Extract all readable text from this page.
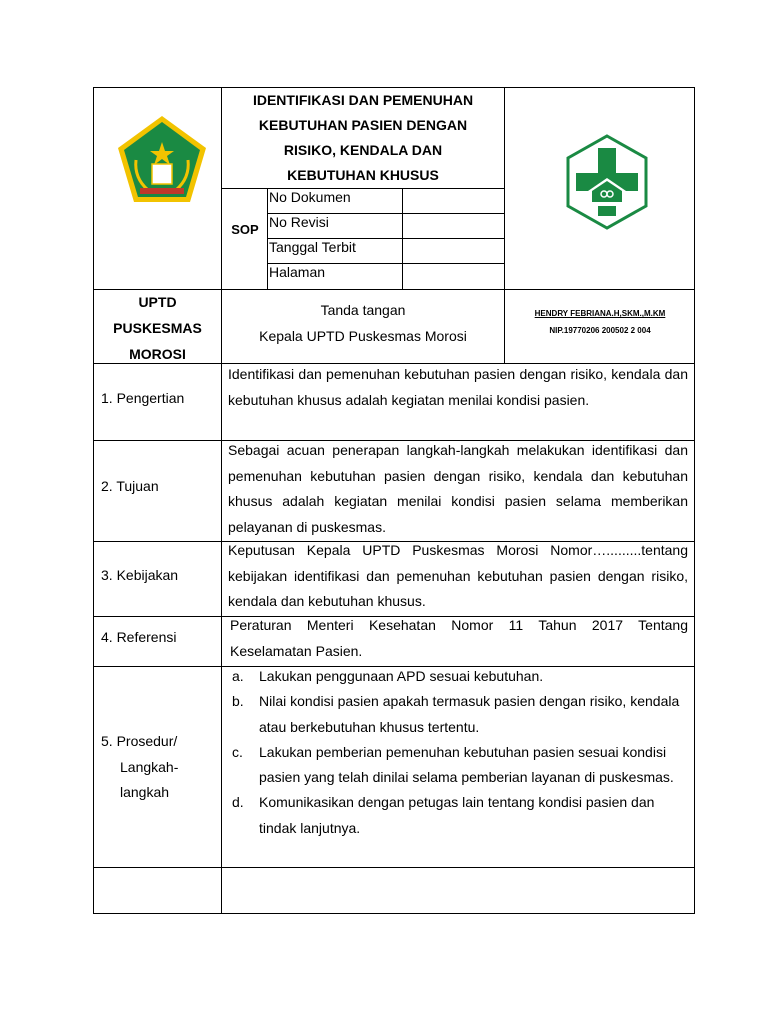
IDENTIFIKASI DAN PEMENUHAN
KEBUTUHAN PASIEN DENGAN
RISIKO, KENDALA DAN
KEBUTUHAN KHUSUS
SOP
No Dokumen
No Revisi
Tanggal Terbit
Halaman
UPTD
PUSKESMAS
MOROSI
Tanda tangan
Kepala UPTD Puskesmas Morosi
HENDRY FEBRIANA.H,SKM.,M.KM
NIP.19770206 200502 2 004
1. Pengertian
Identifikasi dan pemenuhan kebutuhan pasien dengan risiko, kendala dan kebutuhan khusus adalah kegiatan menilai kondisi pasien.
2. Tujuan
Sebagai acuan penerapan langkah-langkah melakukan identifikasi dan pemenuhan kebutuhan pasien dengan risiko, kendala dan kebutuhan khusus adalah kegiatan menilai kondisi pasien selama memberikan pelayanan di puskesmas.
3. Kebijakan
Keputusan Kepala UPTD Puskesmas Morosi Nomor….........tentang kebijakan identifikasi dan pemenuhan kebutuhan pasien dengan risiko, kendala dan kebutuhan khusus.
4. Referensi
Peraturan Menteri Kesehatan Nomor 11 Tahun 2017 Tentang Keselamatan Pasien.
5. Prosedur/
Langkah-
langkah
a. Lakukan penggunaan APD sesuai kebutuhan.
b. Nilai kondisi pasien apakah termasuk pasien dengan risiko, kendala atau berkebutuhan khusus tertentu.
c. Lakukan pemberian pemenuhan kebutuhan pasien sesuai kondisi pasien yang telah dinilai selama pemberian layanan di puskesmas.
d. Komunikasikan dengan petugas lain tentang kondisi pasien dan tindak lanjutnya.
